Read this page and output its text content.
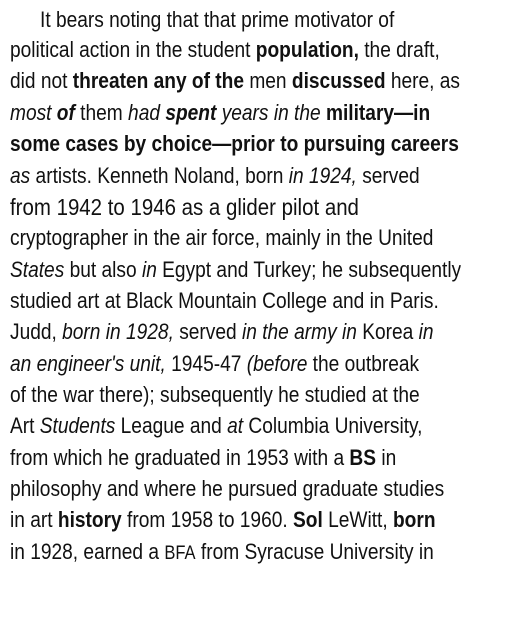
It bears noting that that prime motivator of
political action in the student population, the draft,
did not threaten any of the men discussed here, as
most of them had spent years in the military—in
some cases by choice—prior to pursuing careers
as artists. Kenneth Noland, born in 1924, served
from 1942 to 1946 as a glider pilot and
cryptographer in the air force, mainly in the United
States but also in Egypt and Turkey; he subsequently
studied art at Black Mountain College and in Paris.
Judd, born in 1928, served in the army in Korea in
an engineer's unit, 1945-47 (before the outbreak
of the war there); subsequently he studied at the
Art Students League and at Columbia University,
from which he graduated in 1953 with a BS in
philosophy and where he pursued graduate studies
in art history from 1958 to 1960. Sol LeWitt, born
in 1928, earned a BFA from Syracuse University in
